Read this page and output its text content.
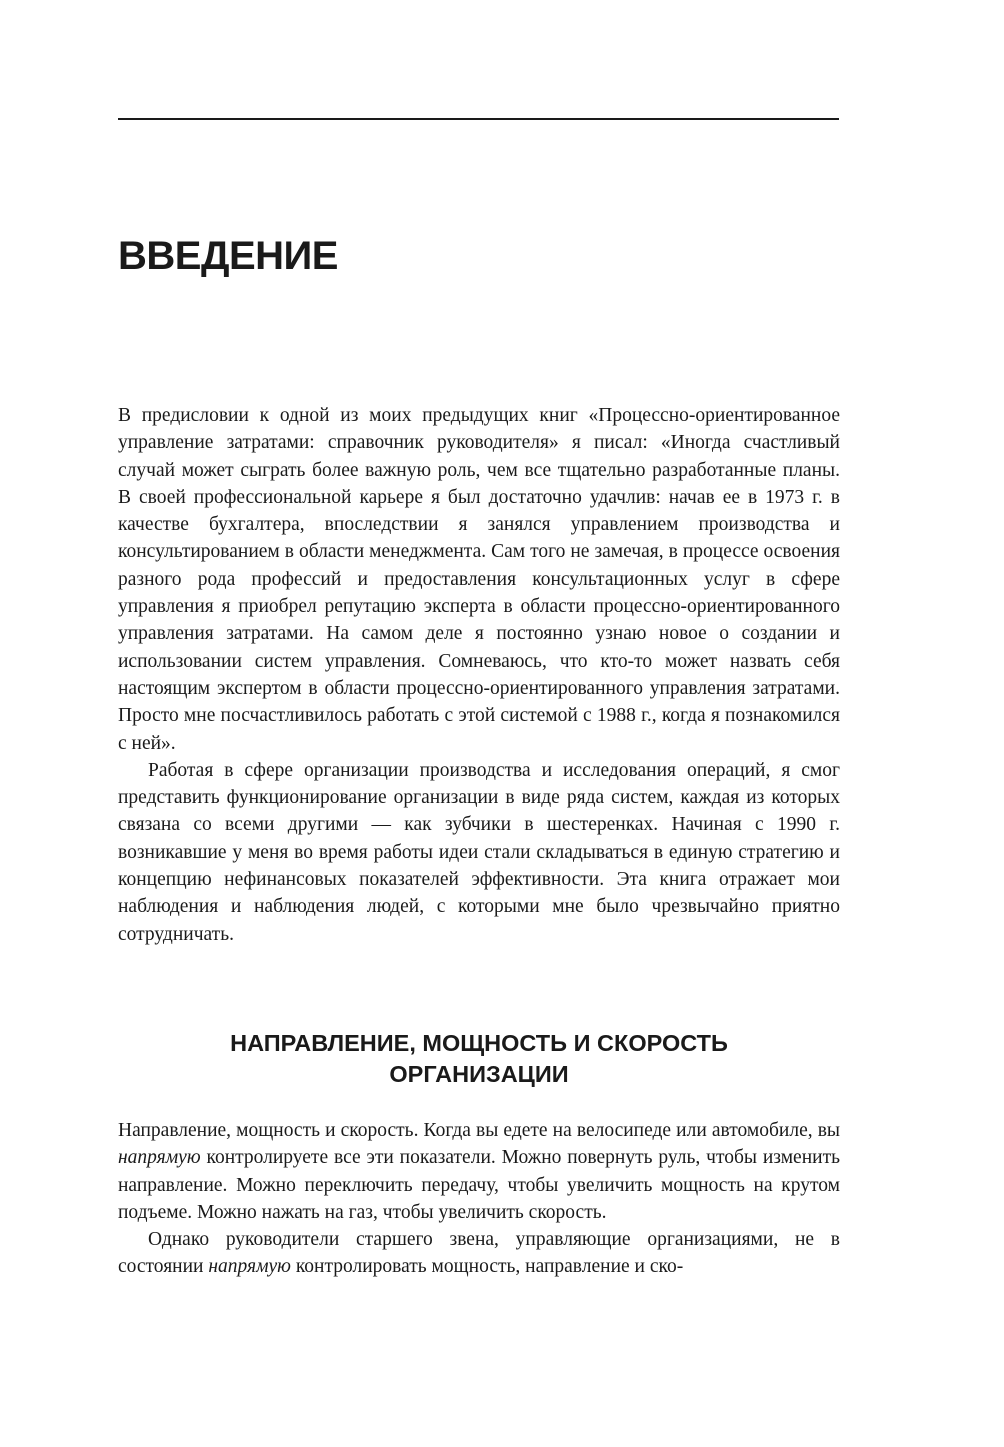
ВВЕДЕНИЕ

В предисловии к одной из моих предыдущих книг «Процессно-ориентированное управление затратами: справочник руководителя» я писал: «Иногда счастливый случай может сыграть более важную роль, чем все тщательно разработанные планы. В своей профессиональной карьере я был достаточно удачлив: начав ее в 1973 г. в качестве бухгалтера, впоследствии я занялся управлением производства и консультированием в области менеджмента. Сам того не замечая, в процессе освоения разного рода профессий и предоставления консультационных услуг в сфере управления я приобрел репутацию эксперта в области процессно-ориентированного управления затратами. На самом деле я постоянно узнаю новое о создании и использовании систем управления. Сомневаюсь, что кто-то может назвать себя настоящим экспертом в области процессно-ориентированного управления затратами. Просто мне посчастливилось работать с этой системой с 1988 г., когда я познакомился с ней».

Работая в сфере организации производства и исследования операций, я смог представить функционирование организации в виде ряда систем, каждая из которых связана со всеми другими — как зубчики в шестеренках. Начиная с 1990 г. возникавшие у меня во время работы идеи стали складываться в единую стратегию и концепцию нефинансовых показателей эффективности. Эта книга отражает мои наблюдения и наблюдения людей, с которыми мне было чрезвычайно приятно сотрудничать.

НАПРАВЛЕНИЕ, МОЩНОСТЬ И СКОРОСТЬ
ОРГАНИЗАЦИИ

Направление, мощность и скорость. Когда вы едете на велосипеде или автомобиле, вы напрямую контролируете все эти показатели. Можно повернуть руль, чтобы изменить направление. Можно переключить передачу, чтобы увеличить мощность на крутом подъеме. Можно нажать на газ, чтобы увеличить скорость.

Однако руководители старшего звена, управляющие организациями, не в состоянии напрямую контролировать мощность, направление и ско-
